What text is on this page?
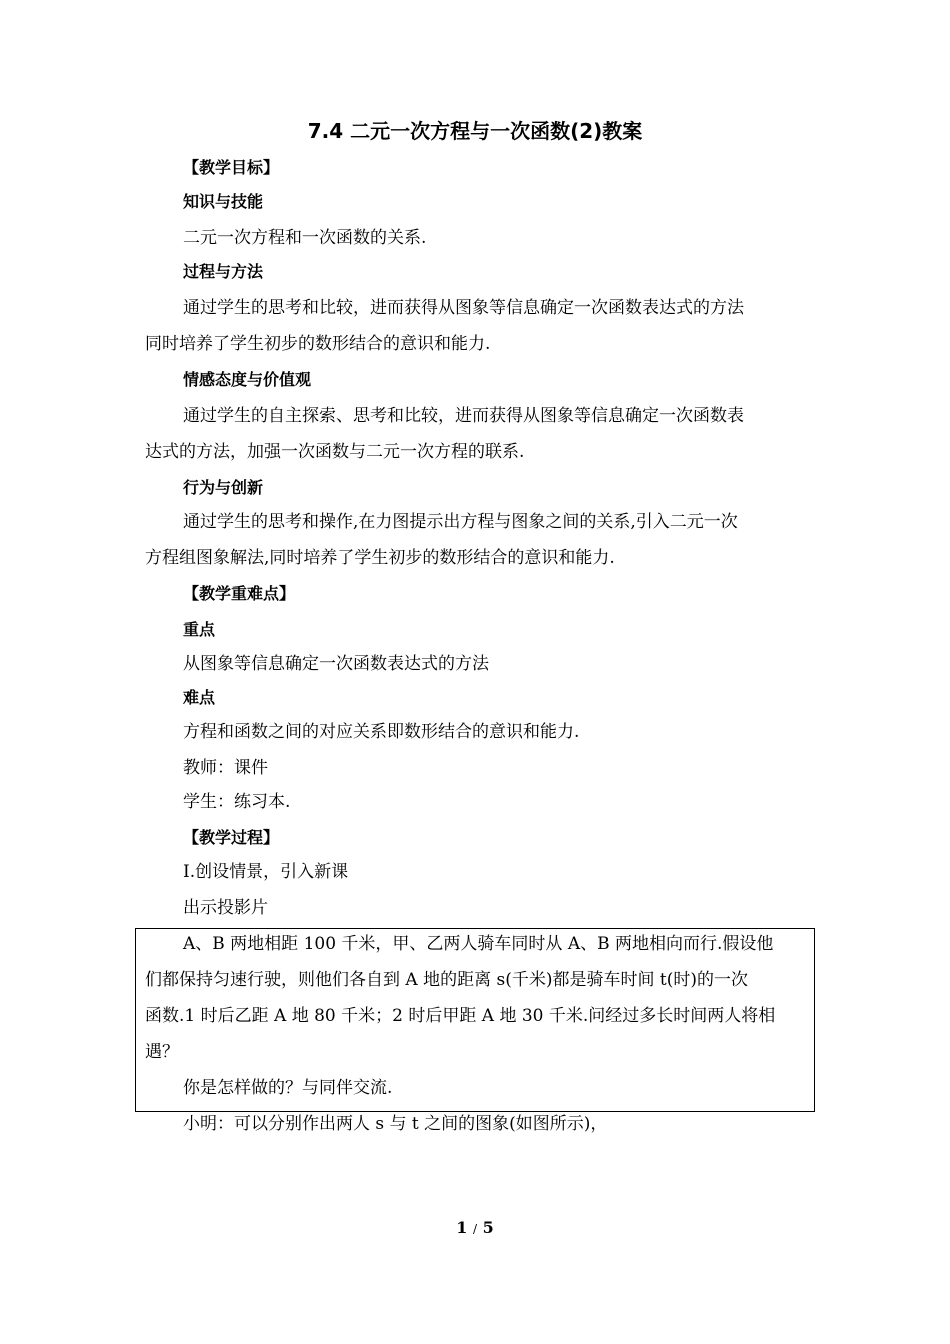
7.4 二元一次方程与一次函数(2)教案
【教学目标】
知识与技能
二元一次方程和一次函数的关系.
过程与方法
通过学生的思考和比较，进而获得从图象等信息确定一次函数表达式的方法
同时培养了学生初步的数形结合的意识和能力.
情感态度与价值观
通过学生的自主探索、思考和比较，进而获得从图象等信息确定一次函数表
达式的方法，加强一次函数与二元一次方程的联系.
行为与创新
通过学生的思考和操作,在力图提示出方程与图象之间的关系,引入二元一次
方程组图象解法,同时培养了学生初步的数形结合的意识和能力.
【教学重难点】
重点
从图象等信息确定一次函数表达式的方法
难点
方程和函数之间的对应关系即数形结合的意识和能力.
教师：课件
学生：练习本.
【教学过程】
Ⅰ.创设情景，引入新课
出示投影片
A、B 两地相距 100 千米，甲、乙两人骑车同时从 A、B 两地相向而行.假设他
们都保持匀速行驶，则他们各自到 A 地的距离 s(千米)都是骑车时间 t(时)的一次
函数.1 时后乙距 A 地 80 千米；2 时后甲距 A 地 30 千米.问经过多长时间两人将相
遇？
你是怎样做的？与同伴交流.
小明：可以分别作出两人 s 与 t 之间的图象(如图所示)，
1 / 5
